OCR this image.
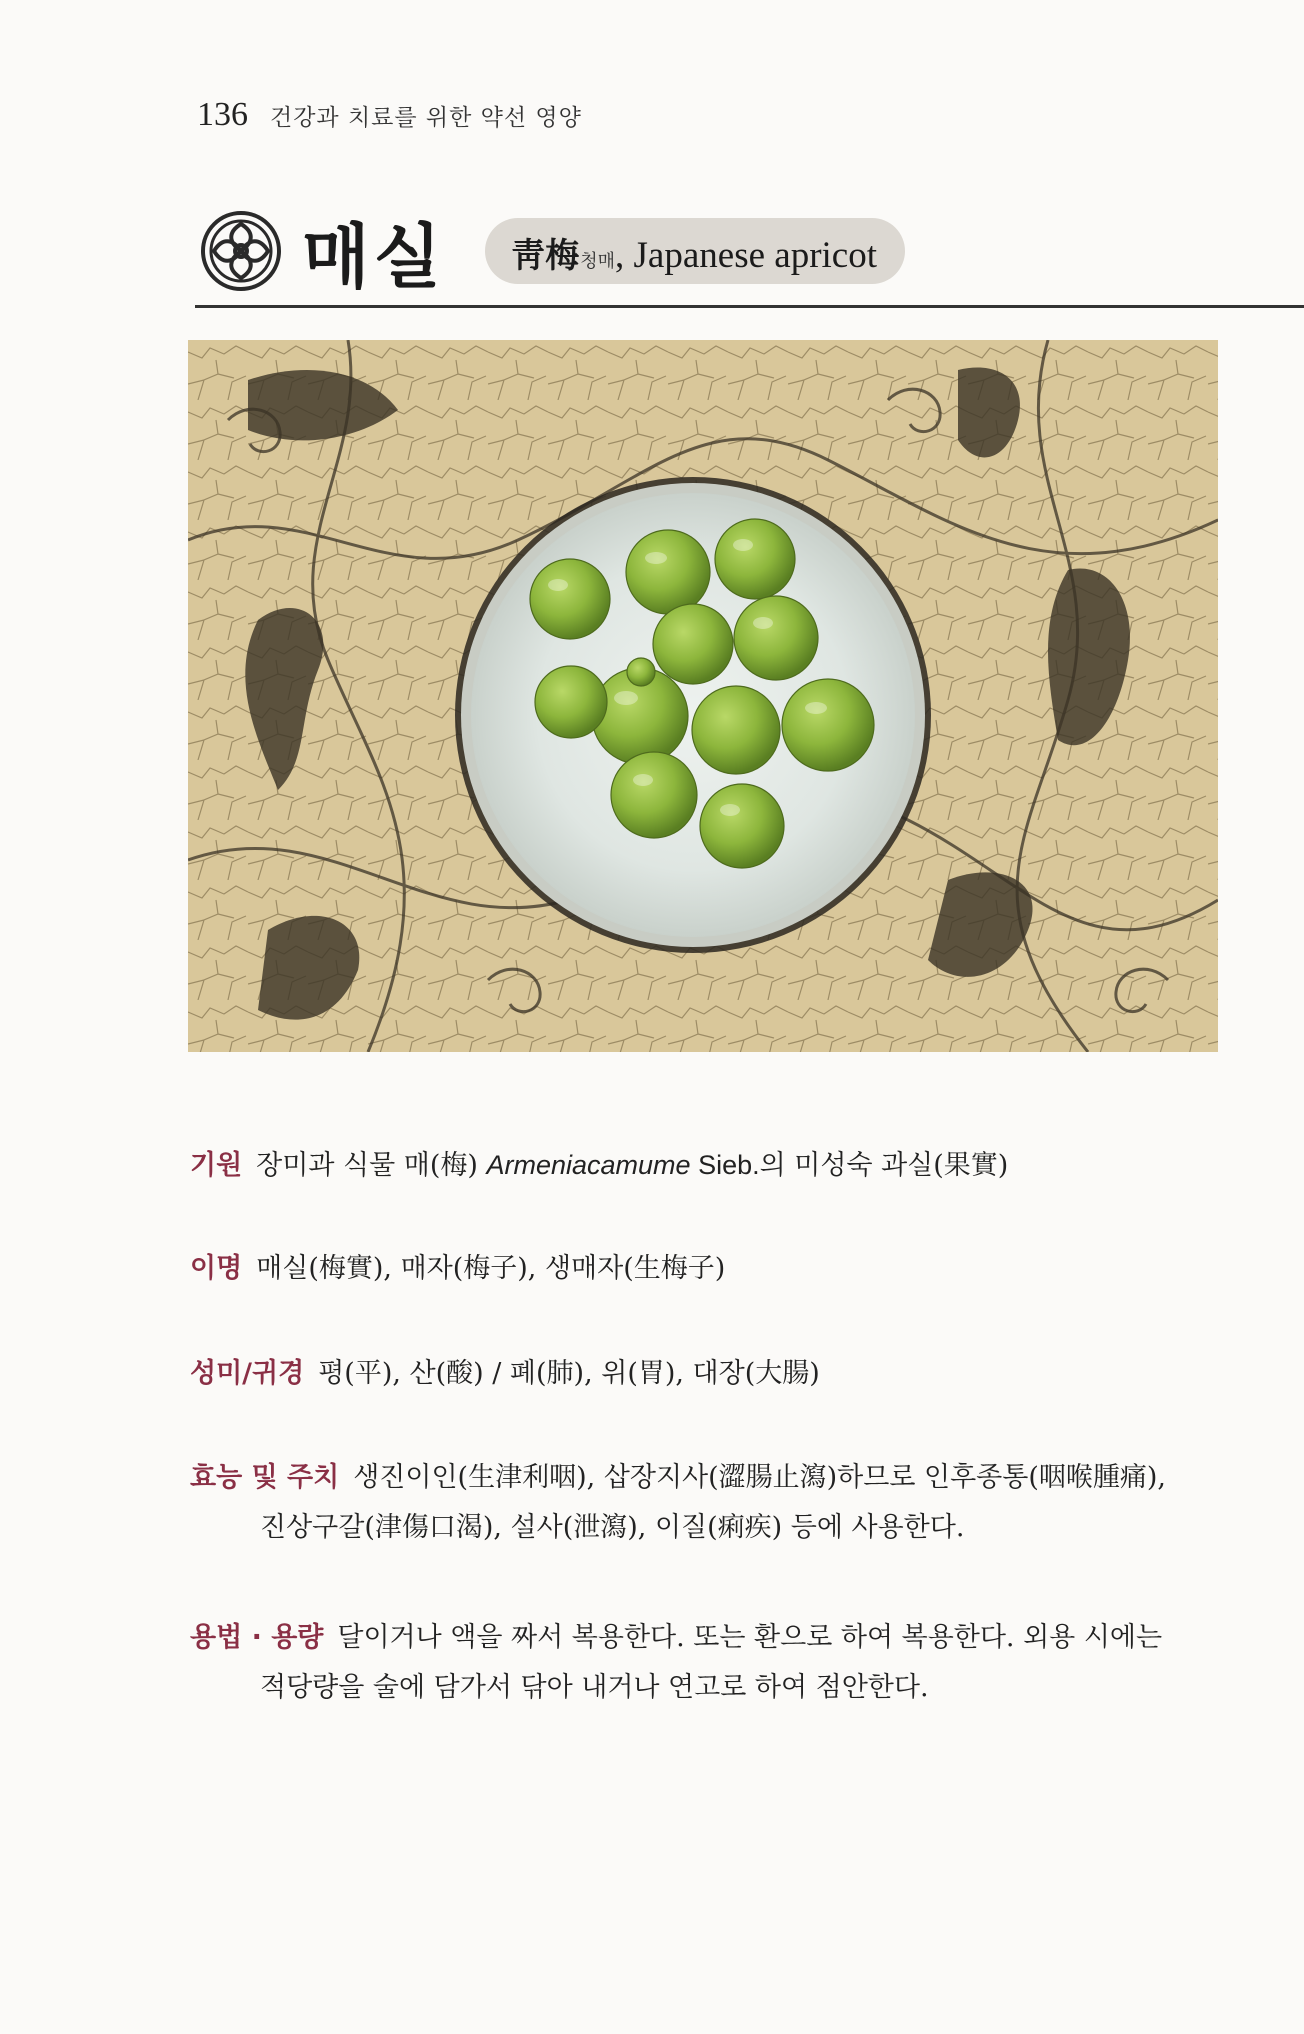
136 건강과 치료를 위한 약선 영양
매실 靑梅 청매 , Japanese apricot
기원 장미과 식물 매(梅) Armeniacamume Sieb.의 미성숙 과실(果實)
이명 매실(梅實), 매자(梅子), 생매자(生梅子)
성미/귀경 평(平), 산(酸) / 폐(肺), 위(胃), 대장(大腸)
효능 및 주치 생진이인(生津利咽), 삽장지사(澀腸止瀉)하므로 인후종통(咽喉腫痛),
진상구갈(津傷口渴), 설사(泄瀉), 이질(痢疾) 등에 사용한다.
용법 · 용량 달이거나 액을 짜서 복용한다. 또는 환으로 하여 복용한다. 외용 시에는
적당량을 술에 담가서 닦아 내거나 연고로 하여 점안한다.
